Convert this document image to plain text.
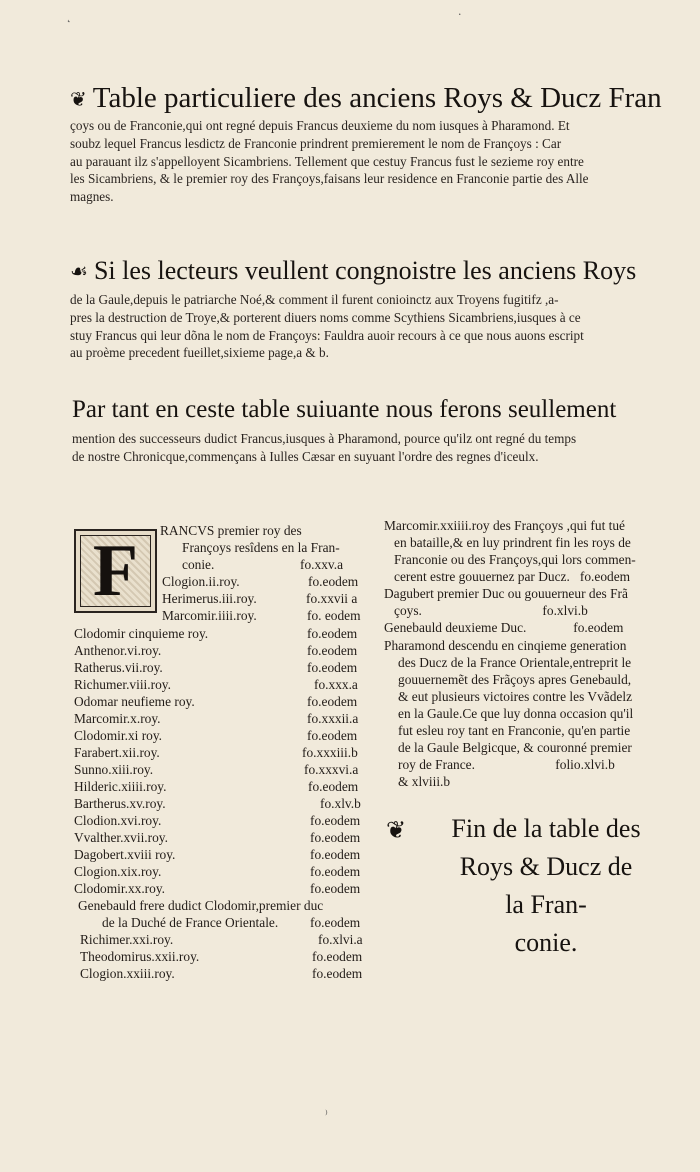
˛	·
⁾
❦ Table particuliere des anciens Roys & Ducz Fran
çoys ou de Franconie,qui ont regné depuis Francus deuxieme du nom iusques à Pharamond. Et
soubz lequel Francus lesdictz de Franconie prindrent premierement le nom de Françoys : Car
au parauant ilz s'appelloyent Sicambriens. Tellement que cestuy Francus fust le sezieme roy entre
les Sicambriens, & le premier roy des Françoys,faisans leur residence en Franconie partie des Alle
magnes.
☙ Si les lecteurs veullent congnoistre les anciens Roys
de la Gaule,depuis le patriarche Noé,& comment il furent conioinctz aux Troyens fugitifz ,a-
pres la destruction de Troye,& porterent diuers noms comme Scythiens Sicambriens,iusques à ce
stuy Francus qui leur dõna le nom de Françoys: Fauldra auoir recours à ce que nous auons escript
au proème precedent fueillet,sixieme page,a & b.
Par tant en ceste table suiuante nous ferons seullement
mention des successeurs dudict Francus,iusques à Pharamond, pource qu'ilz ont regné du temps
de nostre Chronicque,commençans à Iulles Cæsar en suyuant l'ordre des regnes d'iceulx.
F	RANCVS premier roy des
Françoys resîdens en la Fran-
conie.	fo.xxv.a
Clogion.ii.roy.	fo.eodem
Herimerus.iii.roy.	fo.xxvii a
Marcomir.iiii.roy.	fo. eodem
Clodomir cinquieme roy.	fo.eodem
Anthenor.vi.roy.	fo.eodem
Ratherus.vii.roy.	fo.eodem
Richumer.viii.roy.	fo.xxx.a
Odomar neufieme roy.	fo.eodem
Marcomir.x.roy.	fo.xxxii.a
Clodomir.xi roy.	fo.eodem
Farabert.xii.roy.	fo.xxxiii.b
Sunno.xiii.roy.	fo.xxxvi.a
Hilderic.xiiii.roy.	fo.eodem
Bartherus.xv.roy.	fo.xlv.b
Clodion.xvi.roy.	fo.eodem
Vvalther.xvii.roy.	fo.eodem
Dagobert.xviii roy.	fo.eodem
Clogion.xix.roy.	fo.eodem
Clodomir.xx.roy.	fo.eodem
Genebauld frere dudict Clodomir,premier duc
de la Duché de France Orientale. fo.eodem
Richimer.xxi.roy.	fo.xlvi.a
Theodomirus.xxii.roy.	fo.eodem
Clogion.xxiii.roy.	fo.eodem
Marcomir.xxiiii.roy des Françoys ,qui fut tué
en bataille,& en luy prindrent fin les roys de
Franconie ou des Françoys,qui lors commen-
cerent estre gouuernez par Ducz.   fo.eodem
Dagubert premier Duc ou gouuerneur des Frã
çoys.                                    fo.xlvi.b
Genebauld deuxieme Duc.              fo.eodem
Pharamond descendu en cinqieme generation
des Ducz de la France Orientale,entreprit le
gouuernemẽt des Frãçoys apres Genebauld,
& eut plusieurs victoires contre les Vvãdelz
en la Gaule.Ce que luy donna occasion qu'il
fut esleu roy tant en Franconie, qu'en partie
de la Gaule Belgicque, & couronné premier
roy de France.                        folio.xlvi.b
& xlviii.b
❦	Fin de la table des
Roys & Ducz de
la Fran-
conie.
